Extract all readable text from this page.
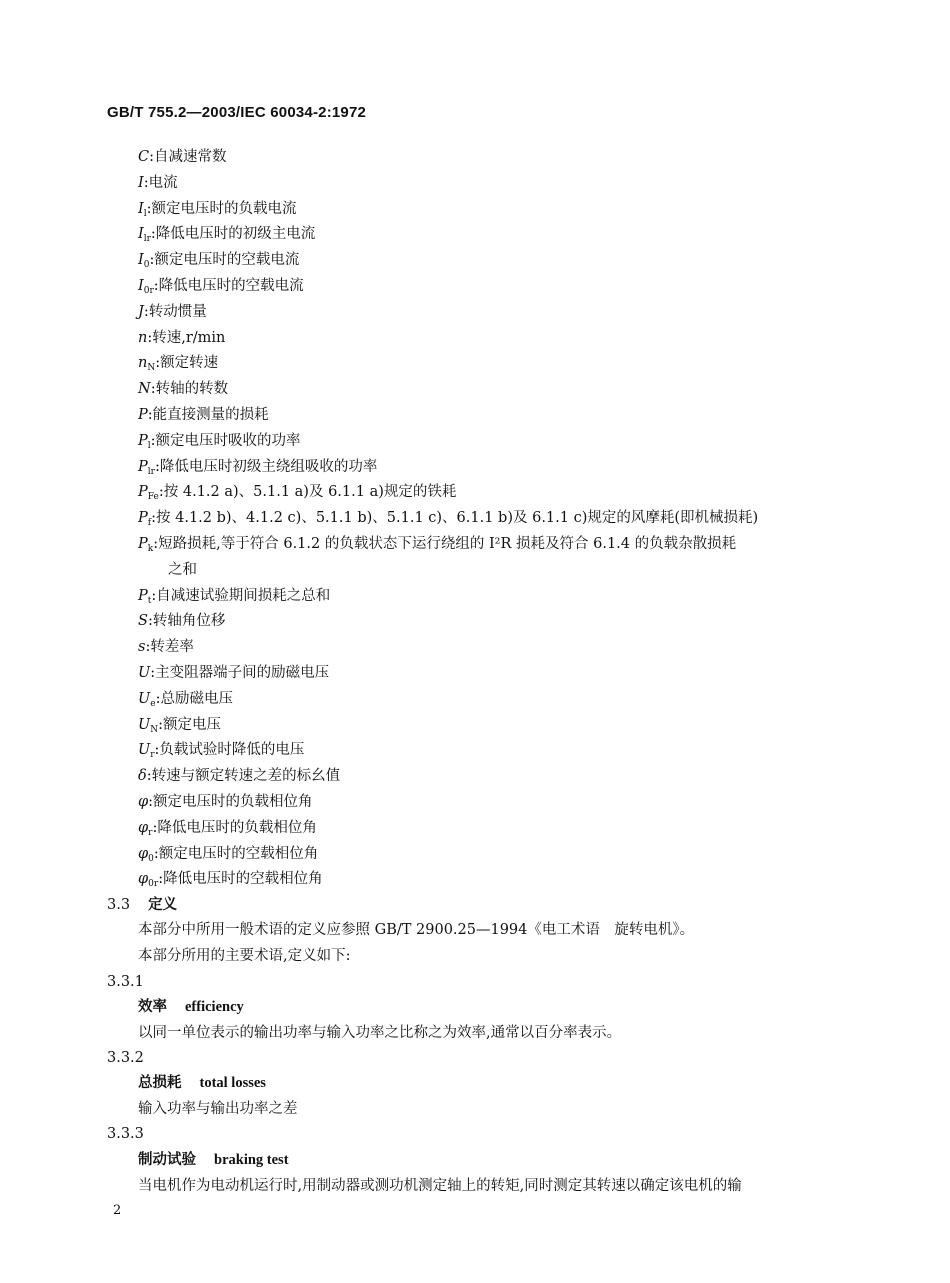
GB/T 755.2—2003/IEC 60034-2:1972
C:自减速常数
I:电流
$I_l$:额定电压时的负载电流
$I_{lr}$:降低电压时的初级主电流
$I_0$:额定电压时的空载电流
$I_{0r}$:降低电压时的空载电流
J:转动惯量
n:转速,r/min
$n_N$:额定转速
N:转轴的转数
P:能直接测量的损耗
$P_l$:额定电压时吸收的功率
$P_{lr}$:降低电压时初级主绕组吸收的功率
$P_{Fe}$:按 4.1.2 a)、5.1.1 a)及 6.1.1 a)规定的铁耗
$P_f$:按 4.1.2 b)、4.1.2 c)、5.1.1 b)、5.1.1 c)、6.1.1 b)及 6.1.1 c)规定的风摩耗(即机械损耗)
$P_k$:短路损耗,等于符合 6.1.2 的负载状态下运行绕组的 I²R 损耗及符合 6.1.4 的负载杂散损耗
之和
$P_t$:自减速试验期间损耗之总和
S:转轴角位移
s:转差率
U:主变阻器端子间的励磁电压
$U_e$:总励磁电压
$U_N$:额定电压
$U_r$:负载试验时降低的电压
δ:转速与额定转速之差的标幺值
φ:额定电压时的负载相位角
$\varphi_r$:降低电压时的负载相位角
$\varphi_0$:额定电压时的空载相位角
$\varphi_{0r}$:降低电压时的空载相位角
3.3 定义
本部分中所用一般术语的定义应参照 GB/T 2900.25—1994《电工术语　旋转电机》。
本部分所用的主要术语,定义如下:
3.3.1
效率 efficiency
以同一单位表示的输出功率与输入功率之比称之为效率,通常以百分率表示。
3.3.2
总损耗 total losses
输入功率与输出功率之差
3.3.3
制动试验 braking test
当电机作为电动机运行时,用制动器或测功机测定轴上的转矩,同时测定其转速以确定该电机的输
2
